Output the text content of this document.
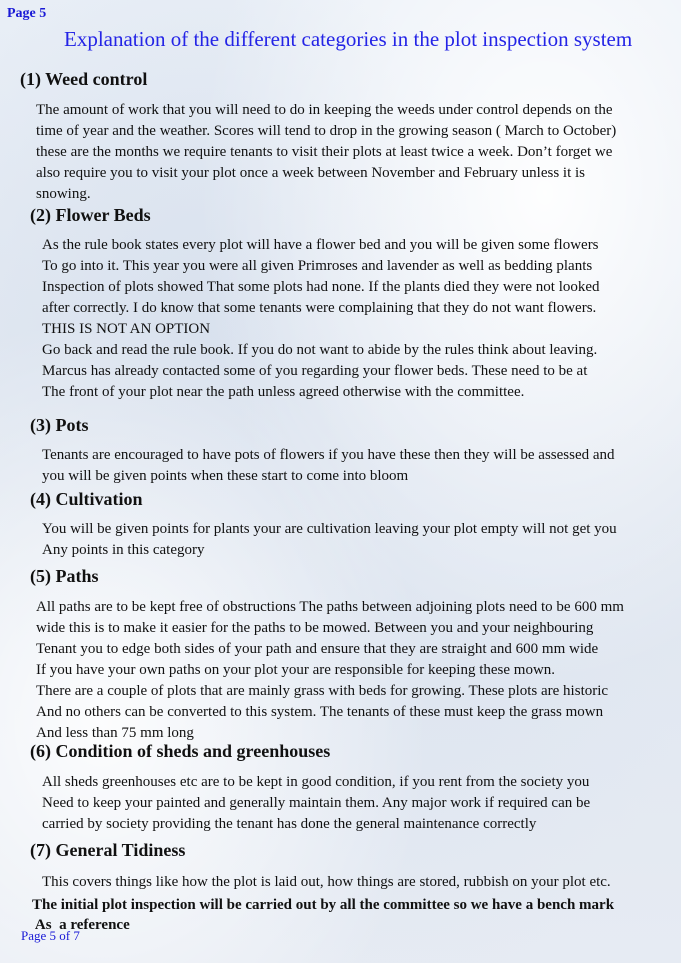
Page 5
Explanation of the different categories in the plot inspection system
(1) Weed control
The amount of work that you will need to do in keeping the weeds under control depends on the
time of year and the weather. Scores will tend to drop in the growing season ( March to October)
these are the months we require tenants to visit their plots at least twice a week. Don’t forget we
also require you to visit your plot once a week between November and February unless it is
snowing.
(2) Flower Beds
As the rule book states every plot will have a flower bed and you will be given some flowers
To go into it. This year you were all given Primroses and lavender as well as bedding plants
Inspection of plots showed That some plots had none. If the plants died they were not looked
after correctly. I do know that some tenants were complaining that they do not want flowers.
THIS IS NOT AN OPTION
Go back and read the rule book. If you do not want to abide by the rules think about leaving.
Marcus has already contacted some of you regarding your flower beds. These need to be at
The front of your plot near the path unless agreed otherwise with the committee.
(3) Pots
Tenants are encouraged to have pots of flowers if you have these then they will be assessed and
you will be given points when these start to come into bloom
(4) Cultivation
You will be given points for plants your are cultivation leaving your plot empty will not get you
Any points in this category
(5) Paths
All paths are to be kept free of obstructions The paths between adjoining plots need to be 600 mm
wide this is to make it easier for the paths to be mowed. Between you and your neighbouring
Tenant you to edge both sides of your path and ensure that they are straight and 600 mm wide
If you have your own paths on your plot your are responsible for keeping these mown.
There are a couple of plots that are mainly grass with beds for growing. These plots are historic
And no others can be converted to this system. The tenants of these must keep the grass mown
And less than 75 mm long
(6) Condition of sheds and greenhouses
All sheds greenhouses etc are to be kept in good condition, if you rent from the society you
Need to keep your painted and generally maintain them. Any major work if required can be
carried by society providing the tenant has done the general maintenance correctly
(7) General Tidiness
This covers things like how the plot is laid out, how things are stored, rubbish on your plot etc.
The initial plot inspection will be carried out by all the committee so we have a bench mark
As  a reference
Page 5 of 7
